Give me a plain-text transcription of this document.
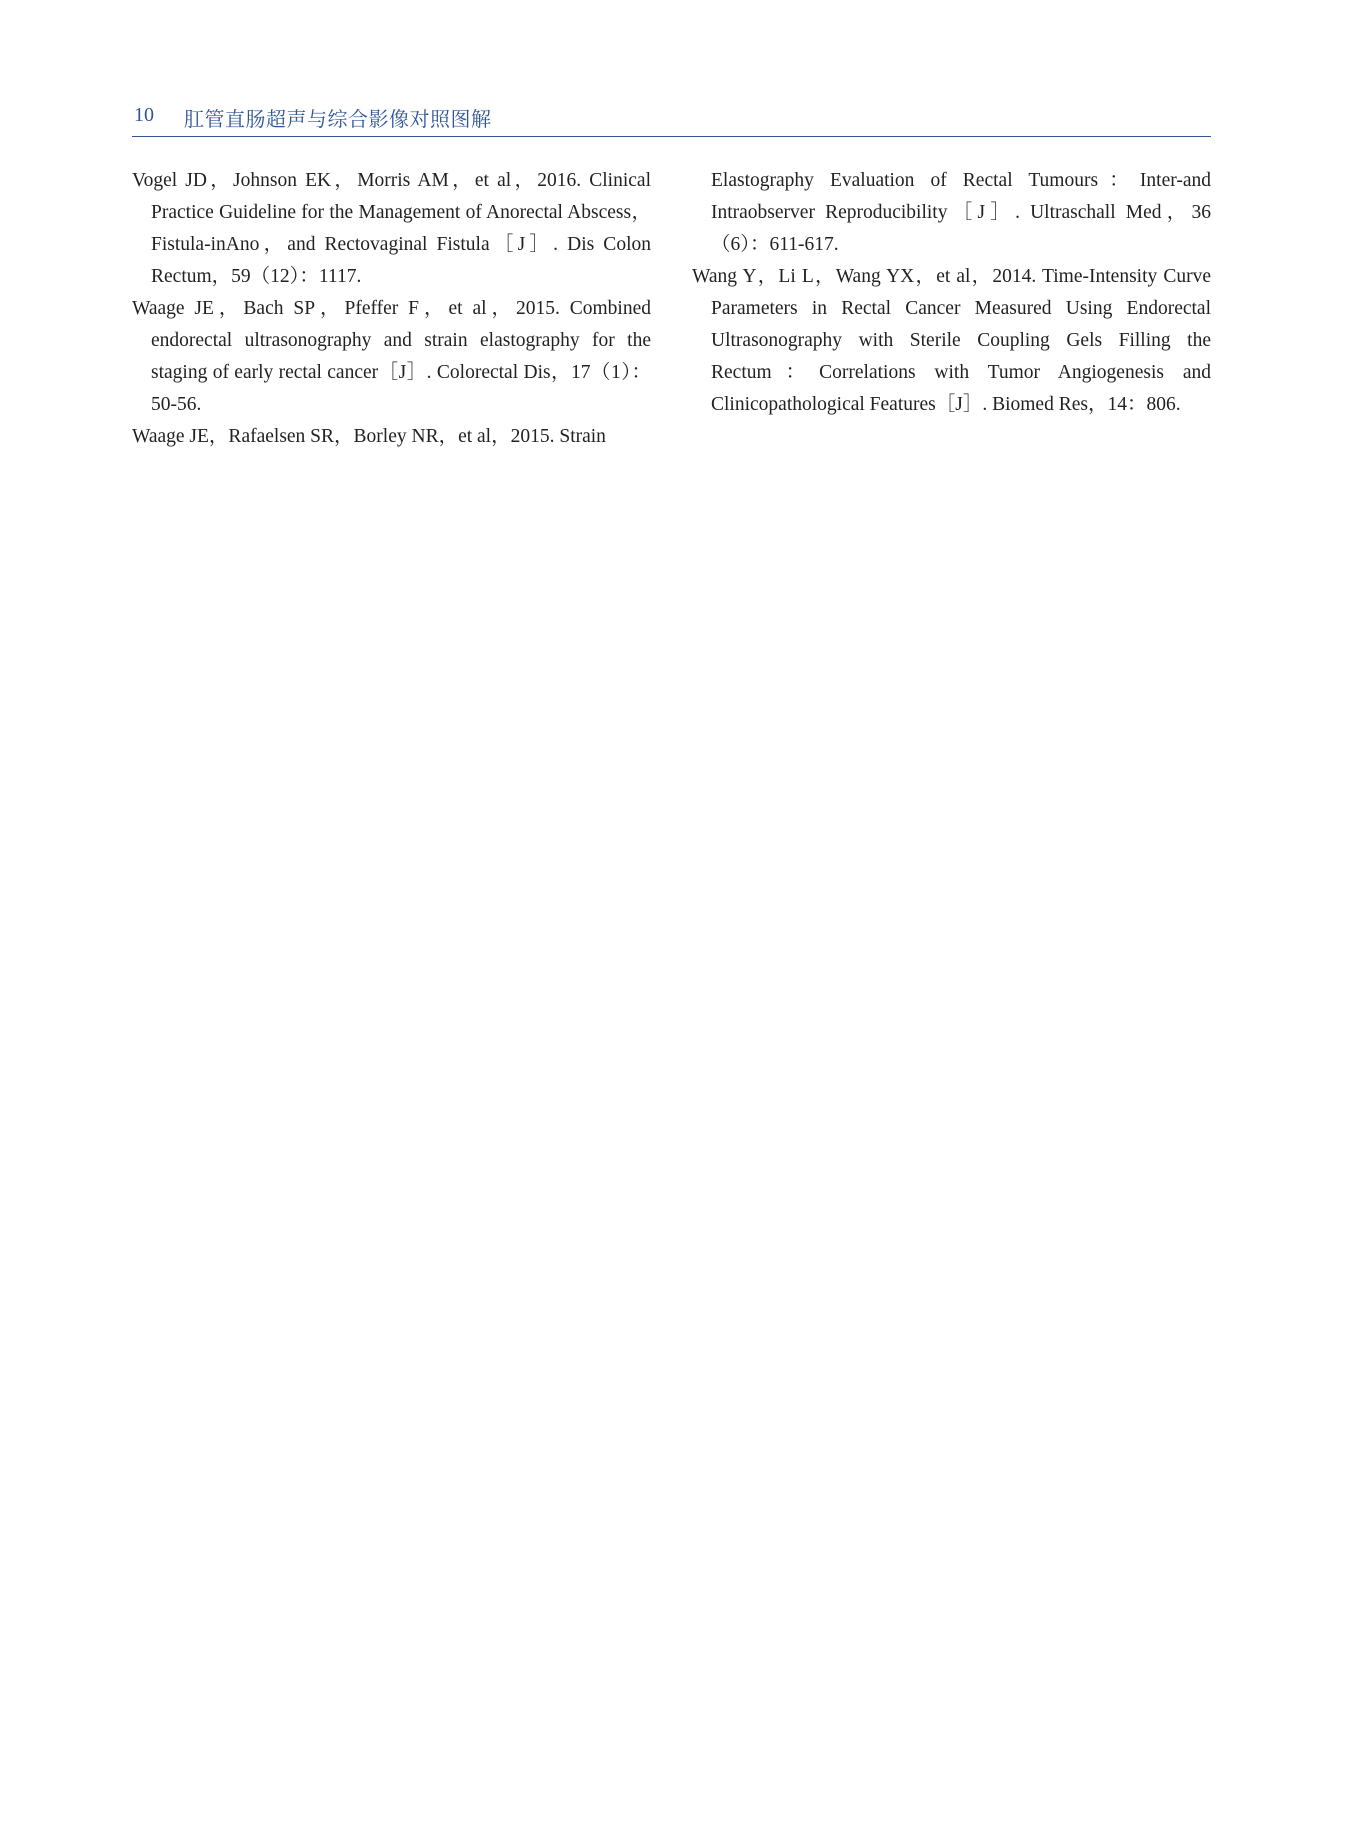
10 肛管直肠超声与综合影像对照图解

Vogel JD，Johnson EK，Morris AM，et al，2016. Clinical Practice Guideline for the Management of Anorectal Abscess，Fistula-inAno，and Rectovaginal Fistula［J］. Dis Colon Rectum，59（12）：1117.

Waage JE，Bach SP，Pfeffer F，et al，2015. Combined endorectal ultrasonography and strain elastography for the staging of early rectal cancer［J］. Colorectal Dis，17（1）：50-56.

Waage JE，Rafaelsen SR，Borley NR，et al，2015. Strain

Elastography Evaluation of Rectal Tumours：Inter-and Intraobserver Reproducibility［J］. Ultraschall Med，36（6）：611-617.

Wang Y，Li L，Wang YX，et al，2014. Time-Intensity Curve Parameters in Rectal Cancer Measured Using Endorectal Ultrasonography with Sterile Coupling Gels Filling the Rectum：Correlations with Tumor Angiogenesis and Clinicopathological Features［J］. Biomed Res，14：806.
